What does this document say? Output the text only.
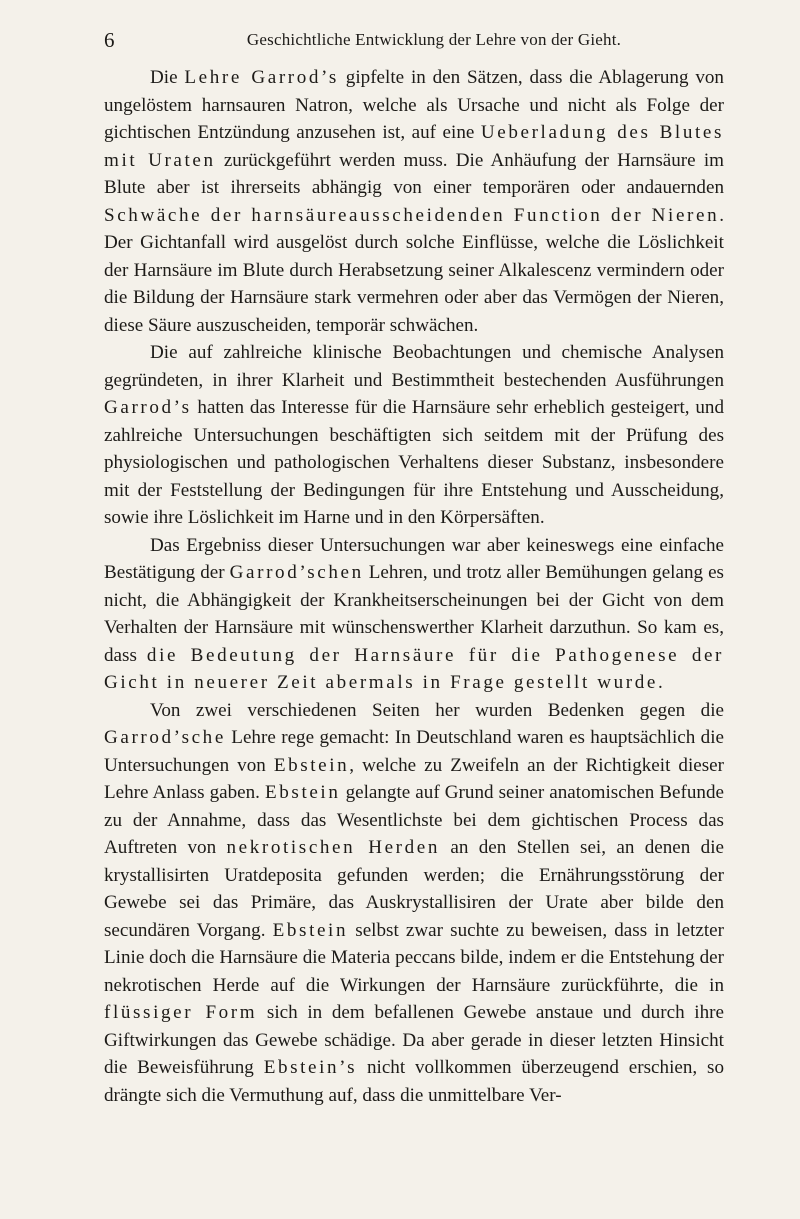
6	Geschichtliche Entwicklung der Lehre von der Gieht.

Die Lehre Garrod’s gipfelte in den Sätzen, dass die Ablagerung von ungelöstem harnsauren Natron, welche als Ursache und nicht als Folge der gichtischen Entzündung anzusehen ist, auf eine Ueberladung des Blutes mit Uraten zurückgeführt werden muss. Die Anhäufung der Harnsäure im Blute aber ist ihrerseits abhängig von einer temporären oder andauernden Schwäche der harnsäureausscheidenden Function der Nieren. Der Gichtanfall wird ausgelöst durch solche Einflüsse, welche die Löslichkeit der Harnsäure im Blute durch Herabsetzung seiner Alkalescenz vermindern oder die Bildung der Harnsäure stark vermehren oder aber das Vermögen der Nieren, diese Säure auszuscheiden, temporär schwächen.

Die auf zahlreiche klinische Beobachtungen und chemische Analysen gegründeten, in ihrer Klarheit und Bestimmtheit bestechenden Ausführungen Garrod’s hatten das Interesse für die Harnsäure sehr erheblich gesteigert, und zahlreiche Untersuchungen beschäftigten sich seitdem mit der Prüfung des physiologischen und pathologischen Verhaltens dieser Substanz, insbesondere mit der Feststellung der Bedingungen für ihre Entstehung und Ausscheidung, sowie ihre Löslichkeit im Harne und in den Körpersäften.

Das Ergebniss dieser Untersuchungen war aber keineswegs eine einfache Bestätigung der Garrod’schen Lehren, und trotz aller Bemühungen gelang es nicht, die Abhängigkeit der Krankheitserscheinungen bei der Gicht von dem Verhalten der Harnsäure mit wünschenswerther Klarheit darzuthun. So kam es, dass die Bedeutung der Harnsäure für die Pathogenese der Gicht in neuerer Zeit abermals in Frage gestellt wurde.

Von zwei verschiedenen Seiten her wurden Bedenken gegen die Garrod’sche Lehre rege gemacht: In Deutschland waren es hauptsächlich die Untersuchungen von Ebstein, welche zu Zweifeln an der Richtigkeit dieser Lehre Anlass gaben. Ebstein gelangte auf Grund seiner anatomischen Befunde zu der Annahme, dass das Wesentlichste bei dem gichtischen Process das Auftreten von nekrotischen Herden an den Stellen sei, an denen die krystallisirten Uratdeposita gefunden werden; die Ernährungsstörung der Gewebe sei das Primäre, das Auskrystallisiren der Urate aber bilde den secundären Vorgang. Ebstein selbst zwar suchte zu beweisen, dass in letzter Linie doch die Harnsäure die Materia peccans bilde, indem er die Entstehung der nekrotischen Herde auf die Wirkungen der Harnsäure zurückführte, die in flüssiger Form sich in dem befallenen Gewebe anstaue und durch ihre Giftwirkungen das Gewebe schädige. Da aber gerade in dieser letzten Hinsicht die Beweisführung Ebstein’s nicht vollkommen überzeugend erschien, so drängte sich die Vermuthung auf, dass die unmittelbare Ver-
